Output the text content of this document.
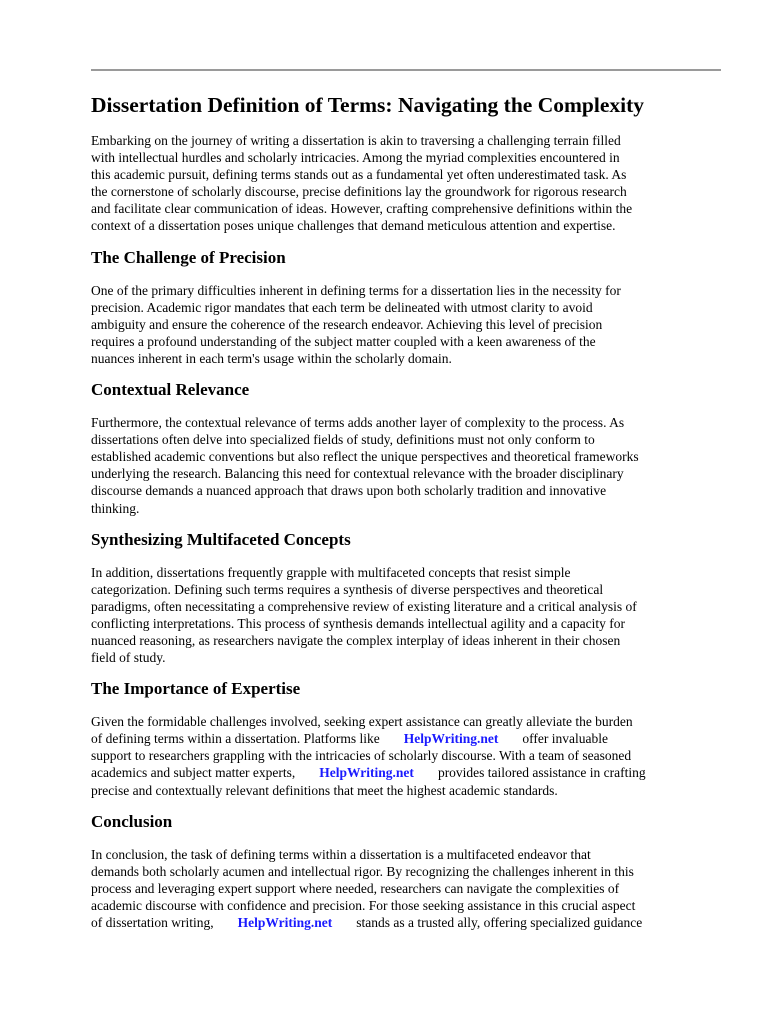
Dissertation Definition of Terms: Navigating the Complexity

Embarking on the journey of writing a dissertation is akin to traversing a challenging terrain filled
with intellectual hurdles and scholarly intricacies. Among the myriad complexities encountered in
this academic pursuit, defining terms stands out as a fundamental yet often underestimated task. As
the cornerstone of scholarly discourse, precise definitions lay the groundwork for rigorous research
and facilitate clear communication of ideas. However, crafting comprehensive definitions within the
context of a dissertation poses unique challenges that demand meticulous attention and expertise.

The Challenge of Precision

One of the primary difficulties inherent in defining terms for a dissertation lies in the necessity for
precision. Academic rigor mandates that each term be delineated with utmost clarity to avoid
ambiguity and ensure the coherence of the research endeavor. Achieving this level of precision
requires a profound understanding of the subject matter coupled with a keen awareness of the
nuances inherent in each term's usage within the scholarly domain.

Contextual Relevance

Furthermore, the contextual relevance of terms adds another layer of complexity to the process. As
dissertations often delve into specialized fields of study, definitions must not only conform to
established academic conventions but also reflect the unique perspectives and theoretical frameworks
underlying the research. Balancing this need for contextual relevance with the broader disciplinary
discourse demands a nuanced approach that draws upon both scholarly tradition and innovative
thinking.

Synthesizing Multifaceted Concepts

In addition, dissertations frequently grapple with multifaceted concepts that resist simple
categorization. Defining such terms requires a synthesis of diverse perspectives and theoretical
paradigms, often necessitating a comprehensive review of existing literature and a critical analysis of
conflicting interpretations. This process of synthesis demands intellectual agility and a capacity for
nuanced reasoning, as researchers navigate the complex interplay of ideas inherent in their chosen
field of study.

The Importance of Expertise

Given the formidable challenges involved, seeking expert assistance can greatly alleviate the burden
of defining terms within a dissertation. Platforms like HelpWriting.net offer invaluable
support to researchers grappling with the intricacies of scholarly discourse. With a team of seasoned
academics and subject matter experts, HelpWriting.net provides tailored assistance in crafting
precise and contextually relevant definitions that meet the highest academic standards.

Conclusion

In conclusion, the task of defining terms within a dissertation is a multifaceted endeavor that
demands both scholarly acumen and intellectual rigor. By recognizing the challenges inherent in this
process and leveraging expert support where needed, researchers can navigate the complexities of
academic discourse with confidence and precision. For those seeking assistance in this crucial aspect
of dissertation writing, HelpWriting.net stands as a trusted ally, offering specialized guidance
